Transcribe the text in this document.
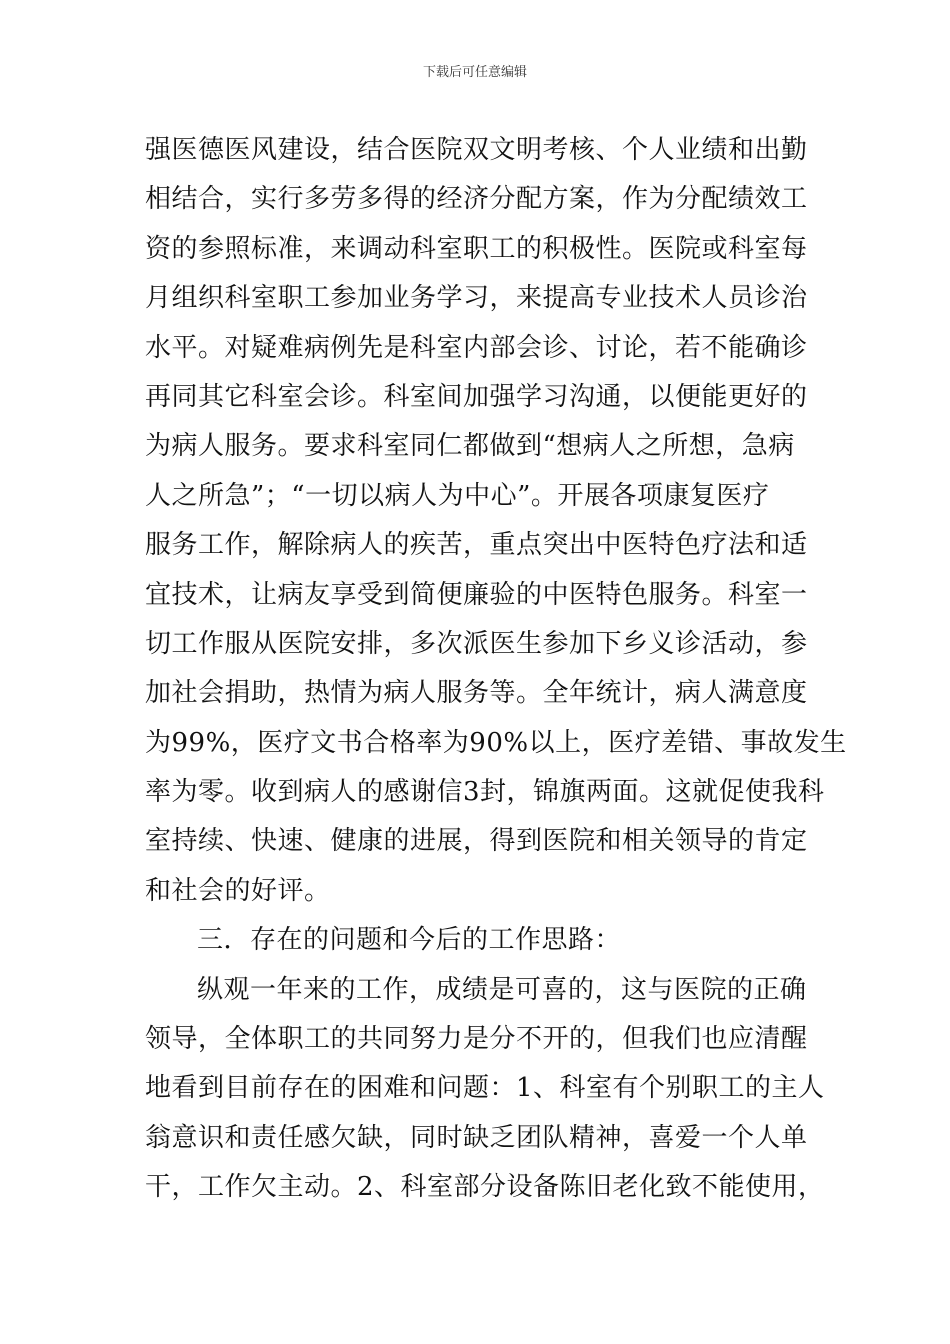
下载后可任意编辑
强医德医风建设，结合医院双文明考核、个人业绩和出勤
相结合，实行多劳多得的经济分配方案，作为分配绩效工
资的参照标准，来调动科室职工的积极性。医院或科室每
月组织科室职工参加业务学习，来提高专业技术人员诊治
水平。对疑难病例先是科室内部会诊、讨论，若不能确诊
再同其它科室会诊。科室间加强学习沟通，以便能更好的
为病人服务。要求科室同仁都做到“想病人之所想，急病
人之所急”；“一切以病人为中心”。开展各项康复医疗
服务工作，解除病人的疾苦，重点突出中医特色疗法和适
宜技术，让病友享受到简便廉验的中医特色服务。科室一
切工作服从医院安排，多次派医生参加下乡义诊活动，参
加社会捐助，热情为病人服务等。全年统计，病人满意度
为99%，医疗文书合格率为90%以上，医疗差错、事故发生
率为零。收到病人的感谢信3封，锦旗两面。这就促使我科
室持续、快速、健康的进展，得到医院和相关领导的肯定
和社会的好评。
三．存在的问题和今后的工作思路：
纵观一年来的工作，成绩是可喜的，这与医院的正确
领导，全体职工的共同努力是分不开的，但我们也应清醒
地看到目前存在的困难和问题：1、科室有个别职工的主人
翁意识和责任感欠缺，同时缺乏团队精神，喜爱一个人单
干，工作欠主动。2、科室部分设备陈旧老化致不能使用，
